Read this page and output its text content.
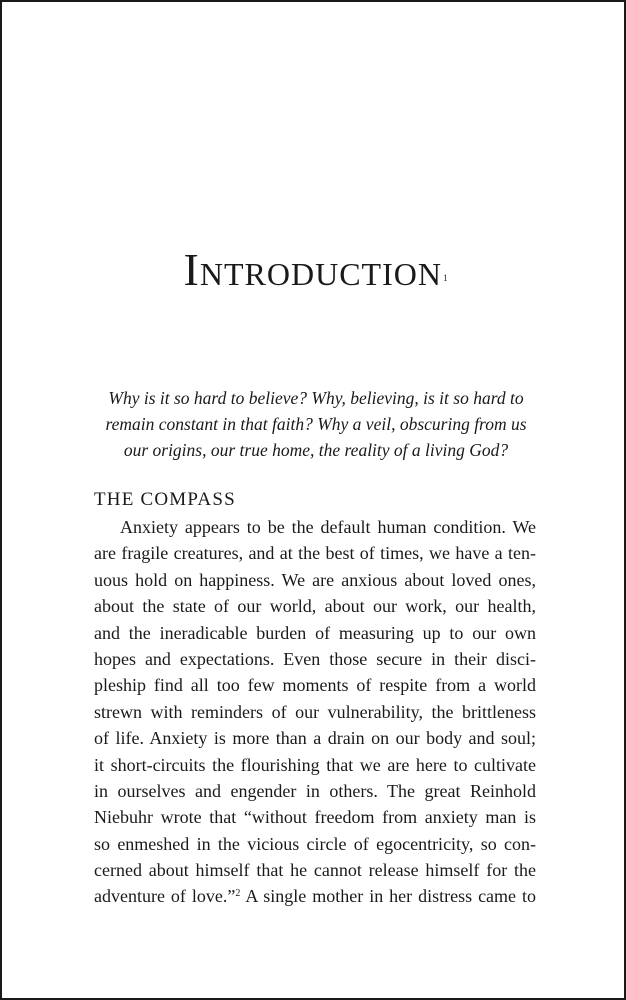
Introduction$^1$

Why is it so hard to believe? Why, believing, is it so hard to
remain constant in that faith? Why a veil, obscuring from us
our origins, our true home, the reality of a living God?

THE COMPASS
Anxiety appears to be the default human condition. We
are fragile creatures, and at the best of times, we have a ten-
uous hold on happiness. We are anxious about loved ones,
about the state of our world, about our work, our health,
and the ineradicable burden of measuring up to our own
hopes and expectations. Even those secure in their disci-
pleship find all too few moments of respite from a world
strewn with reminders of our vulnerability, the brittleness
of life. Anxiety is more than a drain on our body and soul;
it short-circuits the flourishing that we are here to cultivate
in ourselves and engender in others. The great Reinhold
Niebuhr wrote that “without freedom from anxiety man is
so enmeshed in the vicious circle of egocentricity, so con-
cerned about himself that he cannot release himself for the
adventure of love.”$^2$ A single mother in her distress came to
